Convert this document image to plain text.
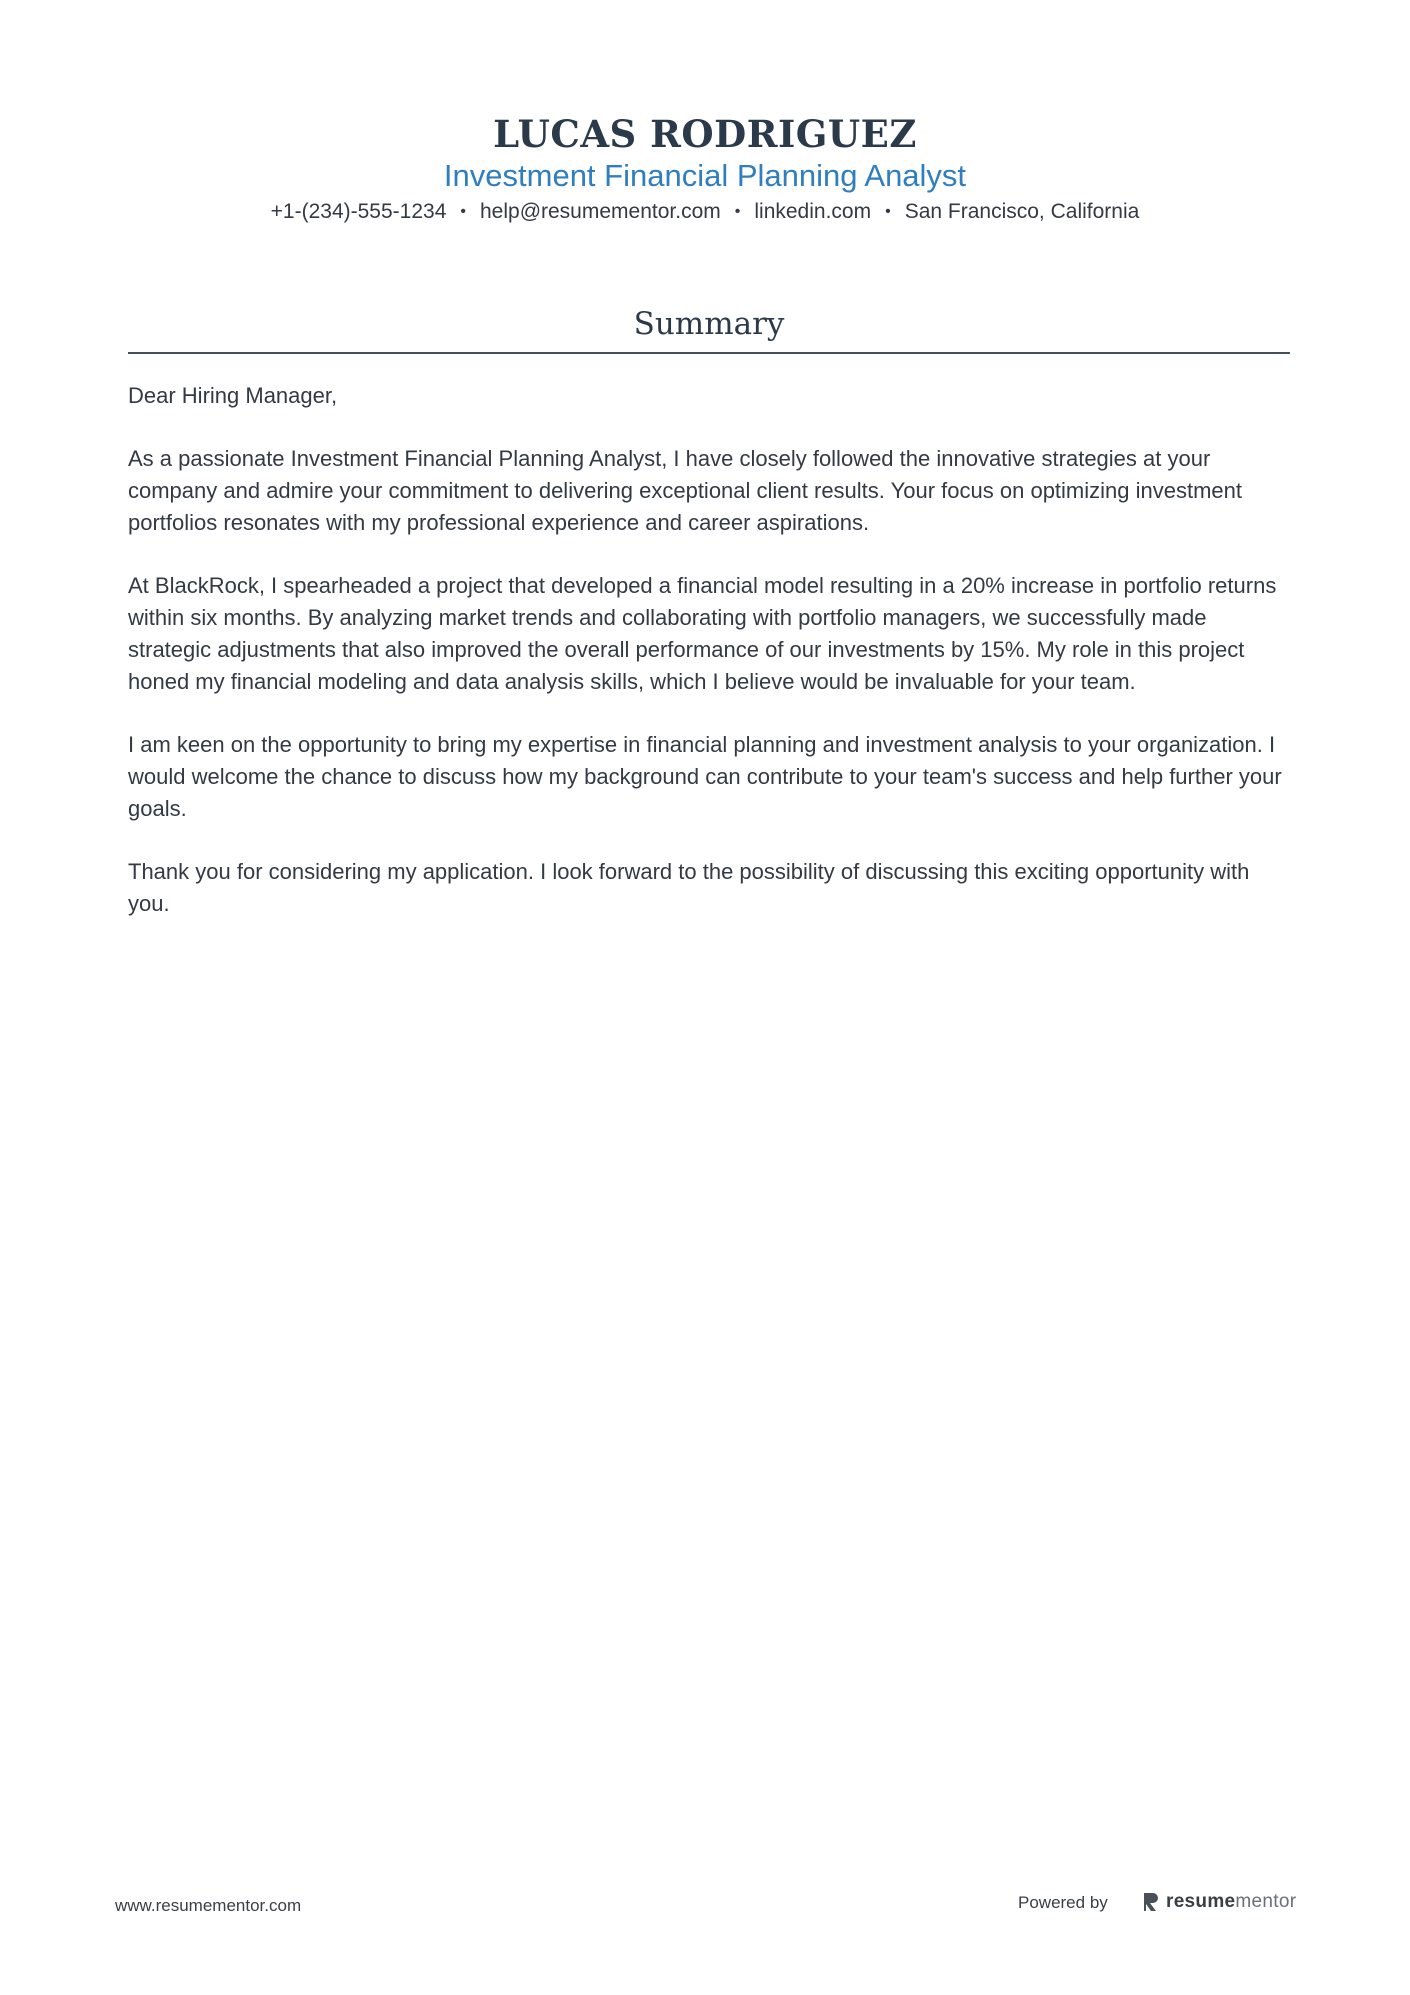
LUCAS RODRIGUEZ
Investment Financial Planning Analyst
+1-(234)-555-1234 • help@resumementor.com • linkedin.com • San Francisco, California
Summary

Dear Hiring Manager,

As a passionate Investment Financial Planning Analyst, I have closely followed the innovative strategies at your company and admire your commitment to delivering exceptional client results. Your focus on optimizing investment portfolios resonates with my professional experience and career aspirations.

At BlackRock, I spearheaded a project that developed a financial model resulting in a 20% increase in portfolio returns within six months. By analyzing market trends and collaborating with portfolio managers, we successfully made strategic adjustments that also improved the overall performance of our investments by 15%. My role in this project honed my financial modeling and data analysis skills, which I believe would be invaluable for your team.

I am keen on the opportunity to bring my expertise in financial planning and investment analysis to your organization. I would welcome the chance to discuss how my background can contribute to your team's success and help further your goals.

Thank you for considering my application. I look forward to the possibility of discussing this exciting opportunity with you.

www.resumementor.com	Powered by	resumementor
